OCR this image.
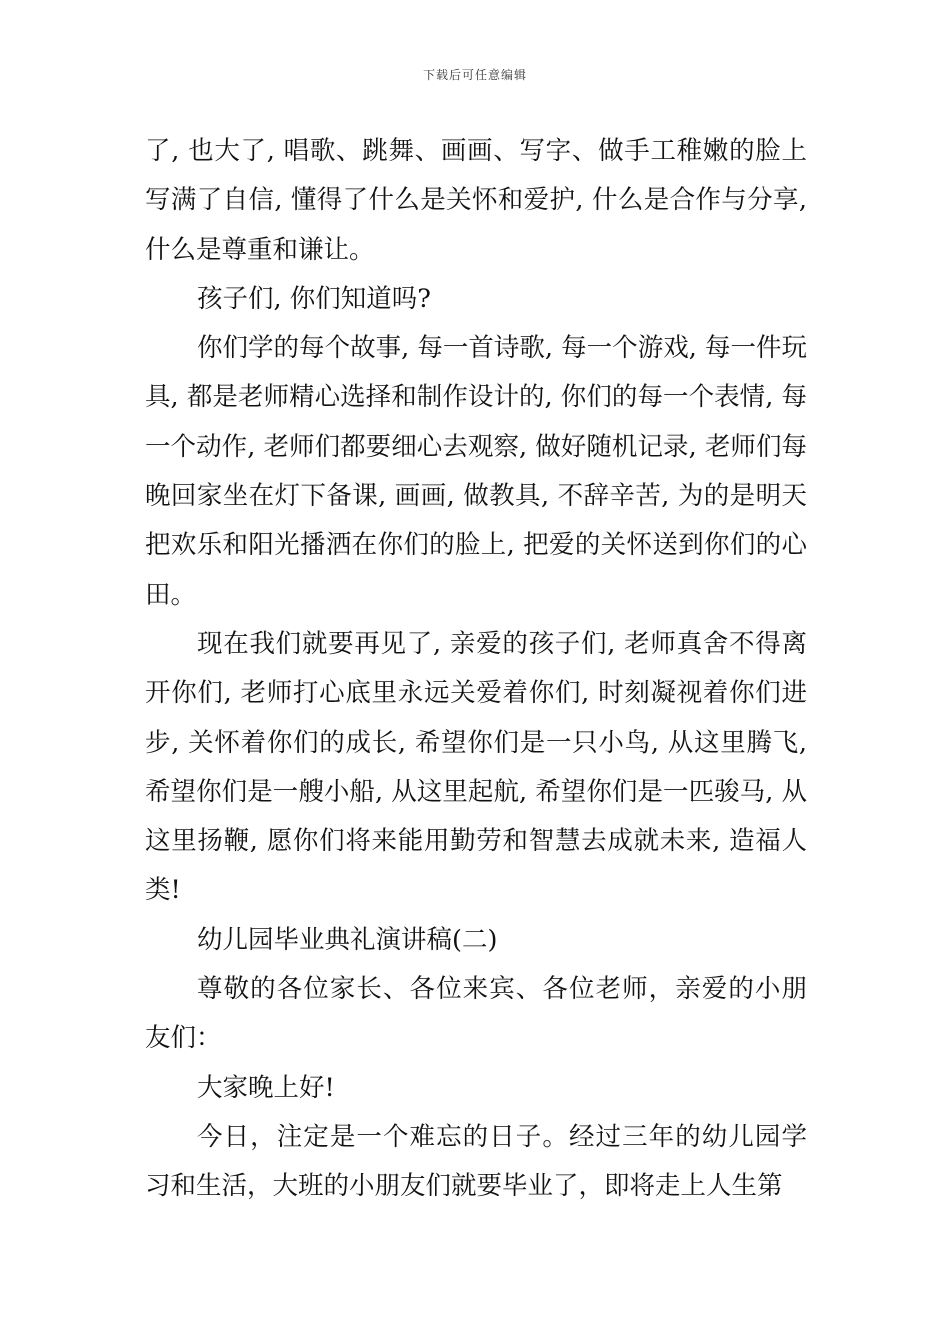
下载后可任意编辑

了, 也大了, 唱歌、跳舞、画画、写字、做手工稚嫩的脸上写满了自信, 懂得了什么是关怀和爱护, 什么是合作与分享, 什么是尊重和谦让。

孩子们, 你们知道吗?

你们学的每个故事, 每一首诗歌, 每一个游戏, 每一件玩具, 都是老师精心选择和制作设计的, 你们的每一个表情, 每一个动作, 老师们都要细心去观察, 做好随机记录, 老师们每晚回家坐在灯下备课, 画画, 做教具, 不辞辛苦, 为的是明天把欢乐和阳光播洒在你们的脸上, 把爱的关怀送到你们的心田。

现在我们就要再见了, 亲爱的孩子们, 老师真舍不得离开你们, 老师打心底里永远关爱着你们, 时刻凝视着你们进步, 关怀着你们的成长, 希望你们是一只小鸟, 从这里腾飞, 希望你们是一艘小船, 从这里起航, 希望你们是一匹骏马, 从这里扬鞭, 愿你们将来能用勤劳和智慧去成就未来, 造福人类!

幼儿园毕业典礼演讲稿(二)

尊敬的各位家长、各位来宾、各位老师，亲爱的小朋友们：

大家晚上好!

今日，注定是一个难忘的日子。经过三年的幼儿园学习和生活，大班的小朋友们就要毕业了，即将走上人生第
